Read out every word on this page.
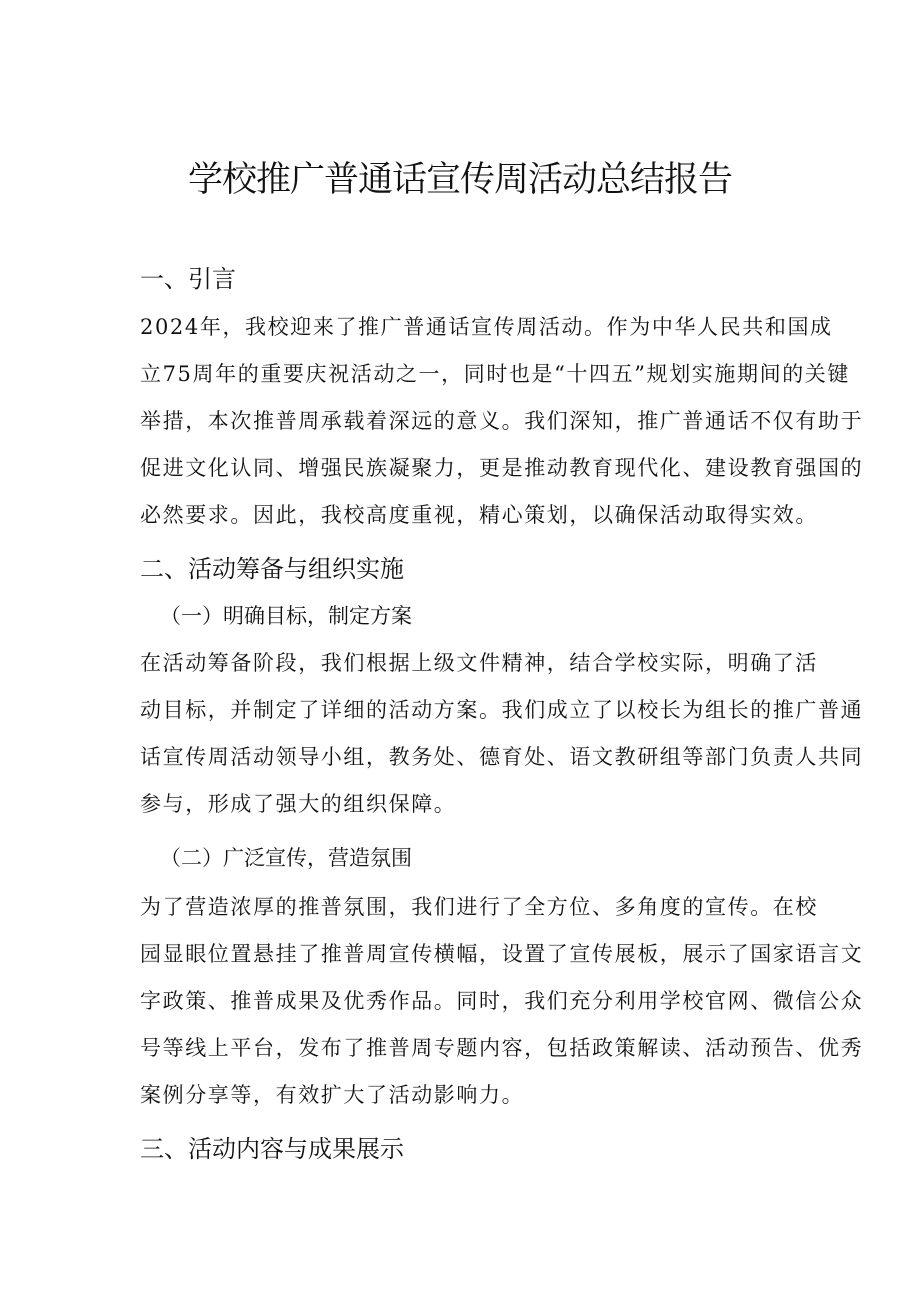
学校推广普通话宣传周活动总结报告
一、引言
2024年，我校迎来了推广普通话宣传周活动。作为中华人民共和国成
立75周年的重要庆祝活动之一，同时也是“十四五”规划实施期间的关键
举措，本次推普周承载着深远的意义。我们深知，推广普通话不仅有助于
促进文化认同、增强民族凝聚力，更是推动教育现代化、建设教育强国的
必然要求。因此，我校高度重视，精心策划，以确保活动取得实效。
二、活动筹备与组织实施
（一）明确目标，制定方案
在活动筹备阶段，我们根据上级文件精神，结合学校实际，明确了活
动目标，并制定了详细的活动方案。我们成立了以校长为组长的推广普通
话宣传周活动领导小组，教务处、德育处、语文教研组等部门负责人共同
参与，形成了强大的组织保障。
（二）广泛宣传，营造氛围
为了营造浓厚的推普氛围，我们进行了全方位、多角度的宣传。在校
园显眼位置悬挂了推普周宣传横幅，设置了宣传展板，展示了国家语言文
字政策、推普成果及优秀作品。同时，我们充分利用学校官网、微信公众
号等线上平台，发布了推普周专题内容，包括政策解读、活动预告、优秀
案例分享等，有效扩大了活动影响力。
三、活动内容与成果展示
